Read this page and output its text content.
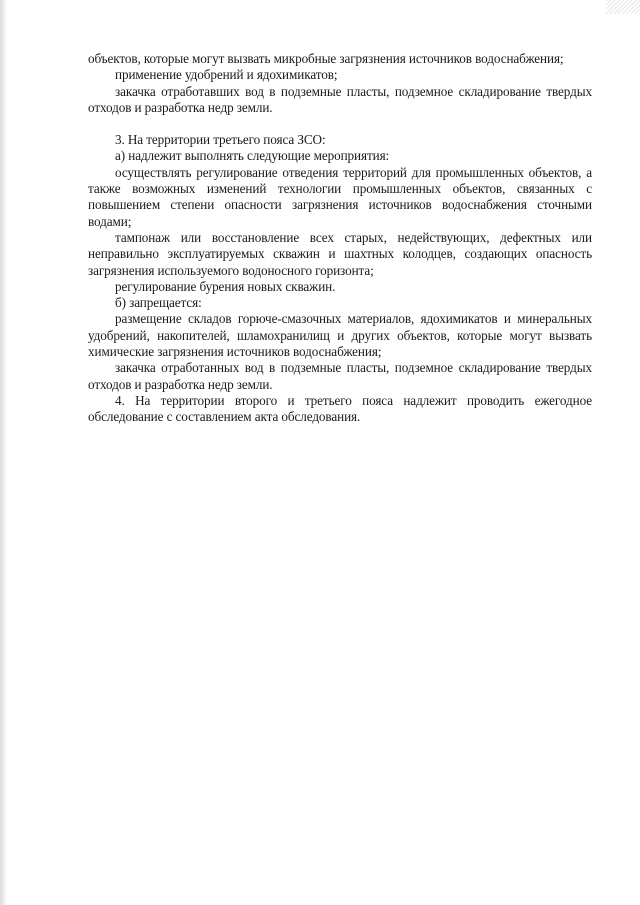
объектов, которые могут вызвать микробные загрязнения источников водоснабжения;

применение удобрений и ядохимикатов;

закачка отработавших вод в подземные пласты, подземное складирование твердых отходов и разработка недр земли.

3. На территории третьего пояса ЗСО:

а) надлежит выполнять следующие мероприятия:

осуществлять регулирование отведения территорий для промышленных объектов, а также возможных изменений технологии промышленных объектов, связанных с повышением степени опасности загрязнения источников водоснабжения сточными водами;

тампонаж или восстановление всех старых, недействующих, дефектных или неправильно эксплуатируемых скважин и шахтных колодцев, создающих опасность загрязнения используемого водоносного горизонта;

регулирование бурения новых скважин.

б) запрещается:

размещение складов горюче-смазочных материалов, ядохимикатов и минеральных удобрений, накопителей, шламохранилищ и других объектов, которые могут вызвать химические загрязнения источников водоснабжения;

закачка отработанных вод в подземные пласты, подземное складирование твердых отходов и разработка недр земли.

4. На территории второго и третьего пояса надлежит проводить ежегодное обследование с составлением акта обследования.
